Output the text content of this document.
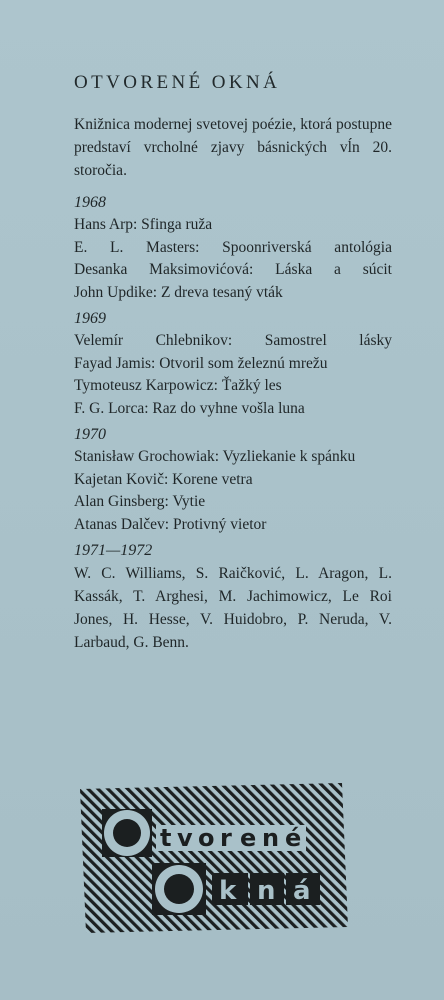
OTVORENÉ OKNÁ

Knižnica modernej svetovej poézie, ktorá postupne predstaví vrcholné zjavy básnických vĺn 20. storočia.

1968

Hans Arp: Sfinga ruža

E. L. Masters: Spoonriverská antológia

Desanka Maksimovićová: Láska a súcit

John Updike: Z dreva tesaný vták

1969

Velemír Chlebnikov: Samostrel lásky

Fayad Jamis: Otvoril som železnú mrežu

Tymoteusz Karpowicz: Ťažký les

F. G. Lorca: Raz do vyhne vošla luna

1970

Stanisław Grochowiak: Vyzliekanie k spánku

Kajetan Kovič: Korene vetra

Alan Ginsberg: Vytie

Atanas Dalčev: Protivný vietor

1971—1972

W. C. Williams, S. Raičković, L. Aragon, L. Kassák, T. Arghesi, M. Jachimowicz, Le Roi Jones, H. Hesse, V. Huidobro, P. Neruda, V. Larbaud, G. Benn.

t v o r e n é
k n á
